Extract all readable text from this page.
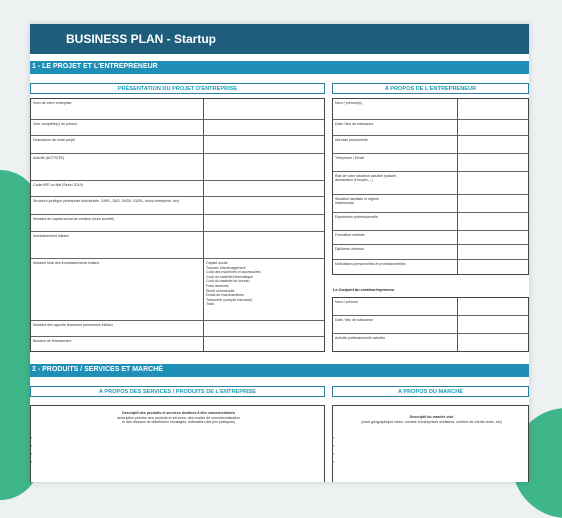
BUSINESS PLAN - Startup
1 - LE PROJET ET L'ENTREPRENEUR
PRÉSENTATION DU PROJET D'ENTREPRISE	A PROPOS DE L'ENTREPRENEUR
Nom de votre entreprise
Vom complete(s) du primeu
Description de votre projet
Activité (ACTIVITE)
Code APE ou Naf (Selon 2019)
Structure juridique (entreprise individuelle, SARL, SAS, SASU, EURL, micro-entreprise, etc)
Montant de capital social de création (bure société)
Investissement initialsi
Montant total des investissements initiaux
Montant des apports financiers personnels initiaux
Besoins de financement
Capital social
Travaux d'aménagement
Coût des machines et accessoires
Coût du matériel informatique
Coût du matériel de bureau
Frais annexes
Stock commercial
Droits de marchandises
Trésorerie (compte bancaire)
Total
Nom / prénom(s)
Date / lieu de naissance
Adresse personnelle
Téléphone / Email
État de votre situation actuelle (salarié, demandeur d'emploi,...)
Situation familiale et régime matrimonial
Expérience professionnelle
Formation réalisée
Diplômes obtenus
Motivations personnelles et professionnelles
Le Conjoint du créateur/repreneur
Nom / prénom
Date / lieu de naissance
Activité professionnelle actuelle
2 - PRODUITS / SERVICES ET MARCHÉ
A PROPOS DES SERVICES / PRODUITS DE L'ENTREPRISE	A PROPOS DU MARCHÉ
Descriptif des produits et services destinés à être commercialisés
description précise des produits et services, des modes de commercialisation
et des réseaux de distribution envisagés, estimation des prix pratiqués)
•
•
•
•
Descriptif du marché visé
(zone géographique visée, nombre d'entreprises similaires, nombre de clients visés, etc)
•
•
•
•
